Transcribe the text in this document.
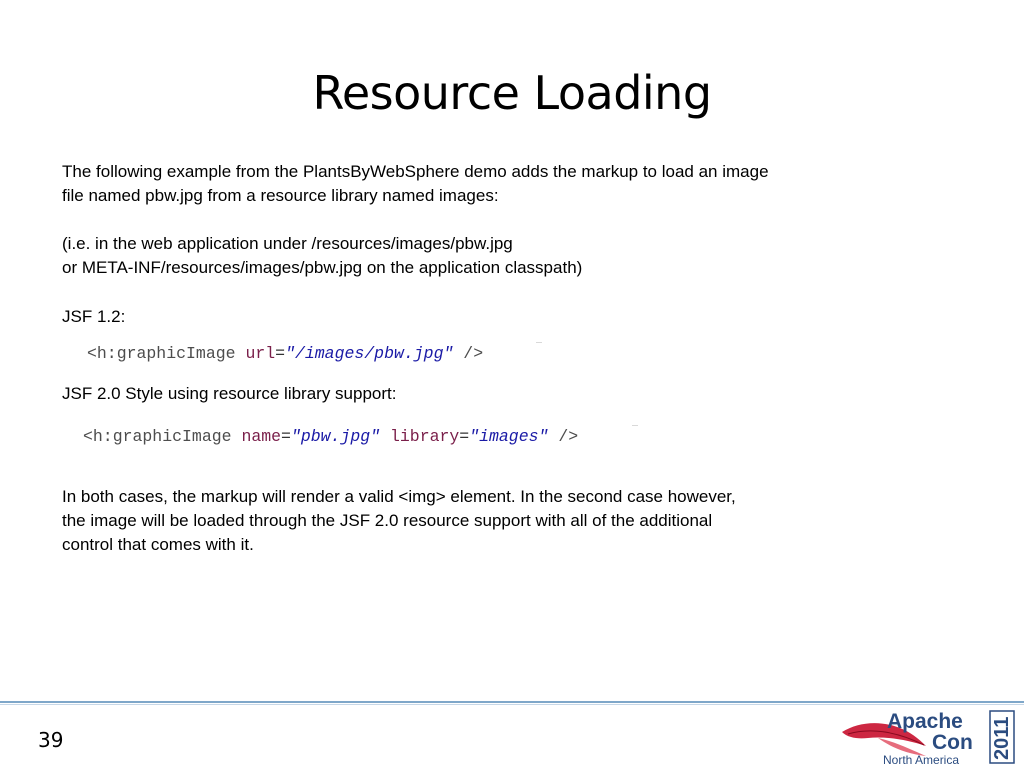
Resource Loading

The following example from the PlantsByWebSphere demo adds the markup to load an image

file named pbw.jpg from a resource library named images:

(i.e. in the web application under /resources/images/pbw.jpg

or META-INF/resources/images/pbw.jpg on the application classpath)

JSF 1.2:

<h:graphicImage url="/images/pbw.jpg" />

JSF 2.0 Style using resource library support:

<h:graphicImage name="pbw.jpg" library="images" />

In both cases, the markup will render a valid <img> element. In the second case however,

the image will be loaded through the JSF 2.0 resource support with all of the additional

control that comes with it.

39
Apache
Con
North America 2011
